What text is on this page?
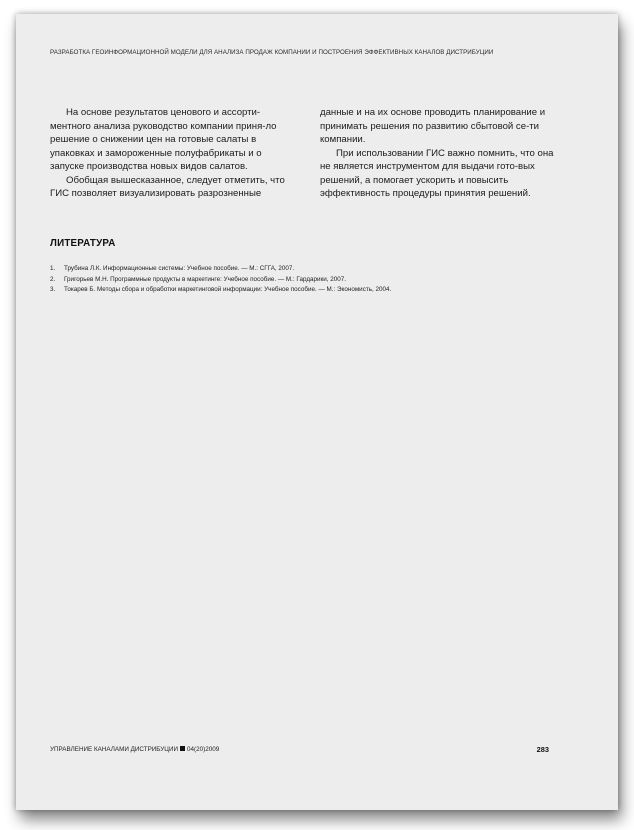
РАЗРАБОТКА ГЕОИНФОРМАЦИОННОЙ МОДЕЛИ ДЛЯ АНАЛИЗА ПРОДАЖ КОМПАНИИ И ПОСТРОЕНИЯ ЭФФЕКТИВНЫХ КАНАЛОВ ДИСТРИБУЦИИ

На основе результатов ценового и ассорти-ментного анализа руководство компании приня-ло решение о снижении цен на готовые салаты в упаковках и замороженные полуфабрикаты и о запуске производства новых видов салатов.

Обобщая вышесказанное, следует отметить, что ГИС позволяет визуализировать разрозненные

данные и на их основе проводить планирование и принимать решения по развитию сбытовой се-ти компании.

При использовании ГИС важно помнить, что она не является инструментом для выдачи гото-вых решений, а помогает ускорить и повысить эффективность процедуры принятия решений.

ЛИТЕРАТУРА
1.	Трубина Л.К. Информационные системы: Учебное пособие. — М.: СГГА, 2007.
2.	Григорьев М.Н. Программные продукты в маркетинге: Учебное пособие. — М.: Гардарики, 2007.
3.	Токарев Б. Методы сбора и обработки маркетинговой информации: Учебное пособие. — М.: Экономисть, 2004.
УПРАВЛЕНИЕ КАНАЛАМИ ДИСТРИБУЦИИ 04(20)2009	283
